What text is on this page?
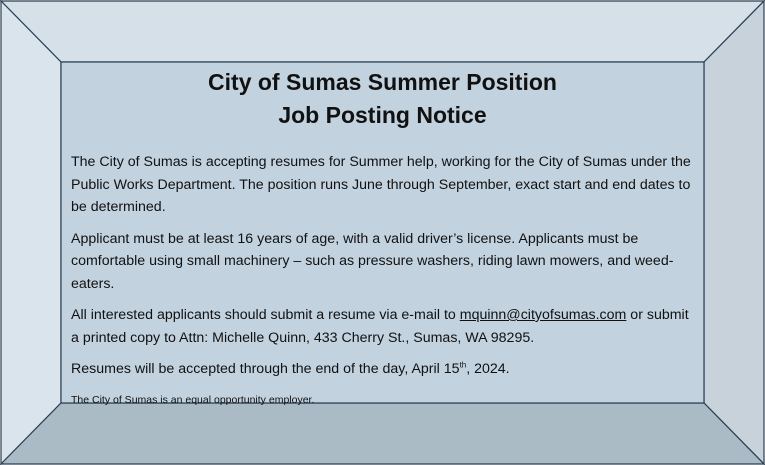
City of Sumas Summer Position
Job Posting Notice

The City of Sumas is accepting resumes for Summer help, working for the City of Sumas under the Public Works Department. The position runs June through September, exact start and end dates to be determined.

Applicant must be at least 16 years of age, with a valid driver’s license. Applicants must be comfortable using small machinery – such as pressure washers, riding lawn mowers, and weed-eaters.

All interested applicants should submit a resume via e-mail to mquinn@cityofsumas.com or submit a printed copy to Attn: Michelle Quinn, 433 Cherry St., Sumas, WA 98295.

Resumes will be accepted through the end of the day, April 15th, 2024.

The City of Sumas is an equal opportunity employer.
